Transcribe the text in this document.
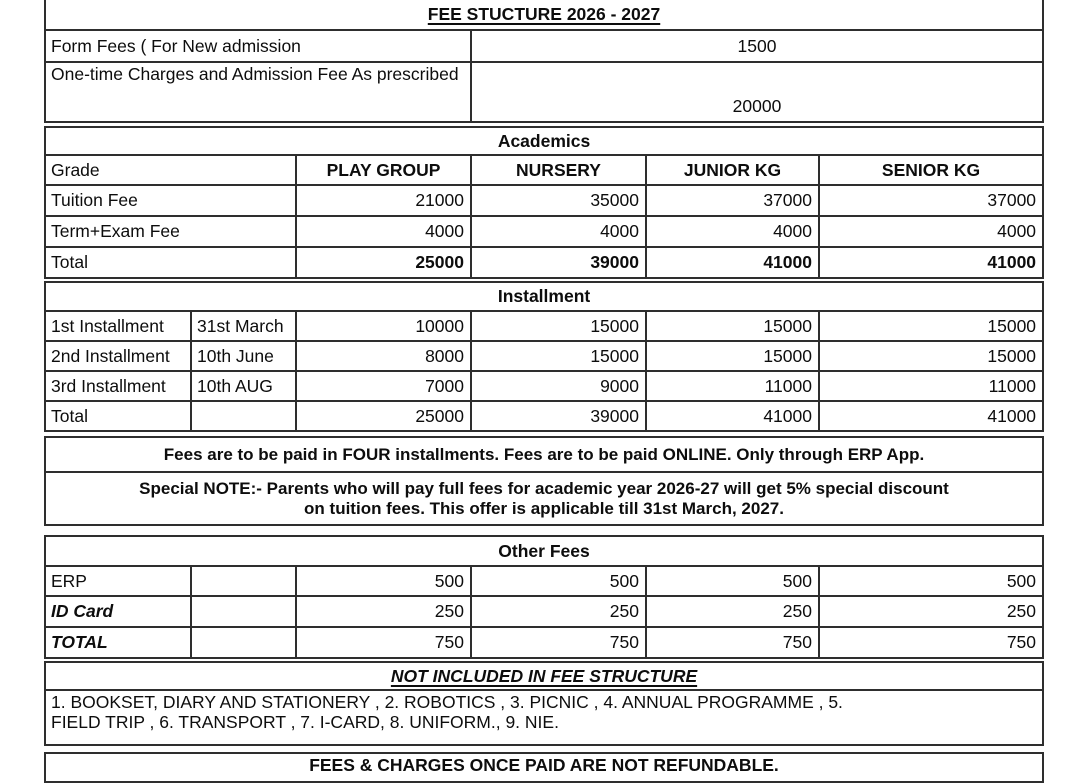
FEE STUCTURE 2026 - 2027	
Form Fees ( For New admission	1500
One-time Charges and Admission Fee As prescribed	20000
Academics				
Grade	PLAY GROUP	NURSERY	JUNIOR KG	SENIOR KG
Tuition Fee	21000	35000	37000	37000
Term+Exam Fee	4000	4000	4000	4000
Total	25000	39000	41000	41000
Installment					
1st Installment	31st March	10000	15000	15000	15000
2nd Installment	10th June	8000	15000	15000	15000
3rd Installment	10th AUG	7000	9000	11000	11000
Total		25000	39000	41000	41000
Fees are to be paid in FOUR installments. Fees are to be paid ONLINE. Only through ERP App.

Special NOTE:- Parents who will pay full fees for academic year 2026-27 will get 5% special discount
on tuition fees. This offer is applicable till 31st March, 2027.
Other Fees					
ERP		500	500	500	500
ID Card		250	250	250	250
TOTAL		750	750	750	750
NOT INCLUDED IN FEE STRUCTURE

1. BOOKSET, DIARY AND STATIONERY , 2. ROBOTICS , 3. PICNIC , 4. ANNUAL PROGRAMME , 5.
FIELD TRIP , 6. TRANSPORT , 7. I-CARD, 8. UNIFORM., 9. NIE.
FEES & CHARGES ONCE PAID ARE NOT REFUNDABLE.
